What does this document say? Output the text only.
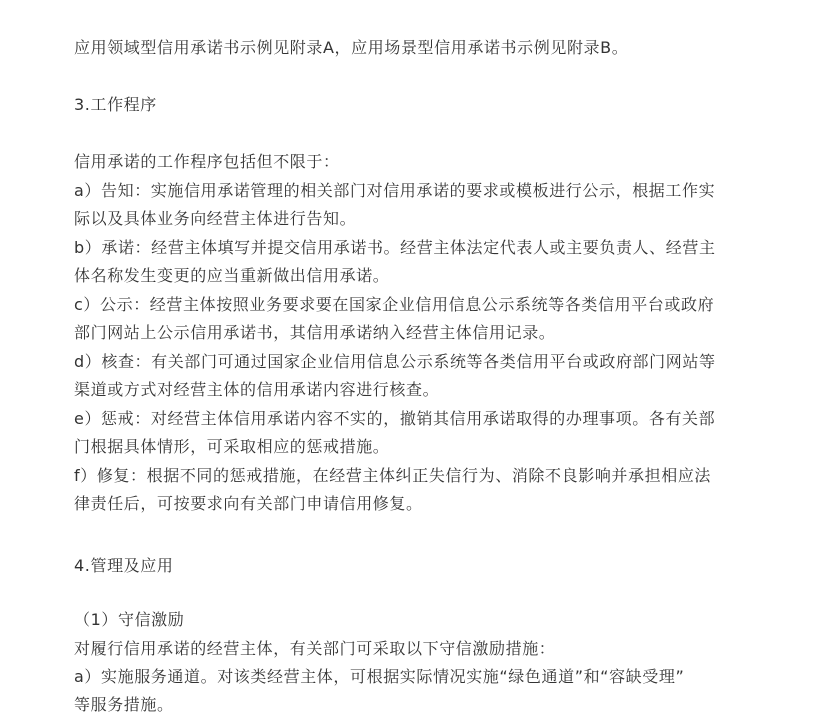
应用领域型信用承诺书示例见附录A，应用场景型信用承诺书示例见附录B。
3.工作程序
信用承诺的工作程序包括但不限于：
a）告知：实施信用承诺管理的相关部门对信用承诺的要求或模板进行公示，根据工作实
际以及具体业务向经营主体进行告知。
b）承诺：经营主体填写并提交信用承诺书。经营主体法定代表人或主要负责人、经营主
体名称发生变更的应当重新做出信用承诺。
c）公示：经营主体按照业务要求要在国家企业信用信息公示系统等各类信用平台或政府
部门网站上公示信用承诺书，其信用承诺纳入经营主体信用记录。
d）核查：有关部门可通过国家企业信用信息公示系统等各类信用平台或政府部门网站等
渠道或方式对经营主体的信用承诺内容进行核查。
e）惩戒：对经营主体信用承诺内容不实的，撤销其信用承诺取得的办理事项。各有关部
门根据具体情形，可采取相应的惩戒措施。
f）修复：根据不同的惩戒措施，在经营主体纠正失信行为、消除不良影响并承担相应法
律责任后，可按要求向有关部门申请信用修复。
4.管理及应用
（1）守信激励
对履行信用承诺的经营主体，有关部门可采取以下守信激励措施：
a）实施服务通道。对该类经营主体，可根据实际情况实施“绿色通道”和“容缺受理”
等服务措施。
